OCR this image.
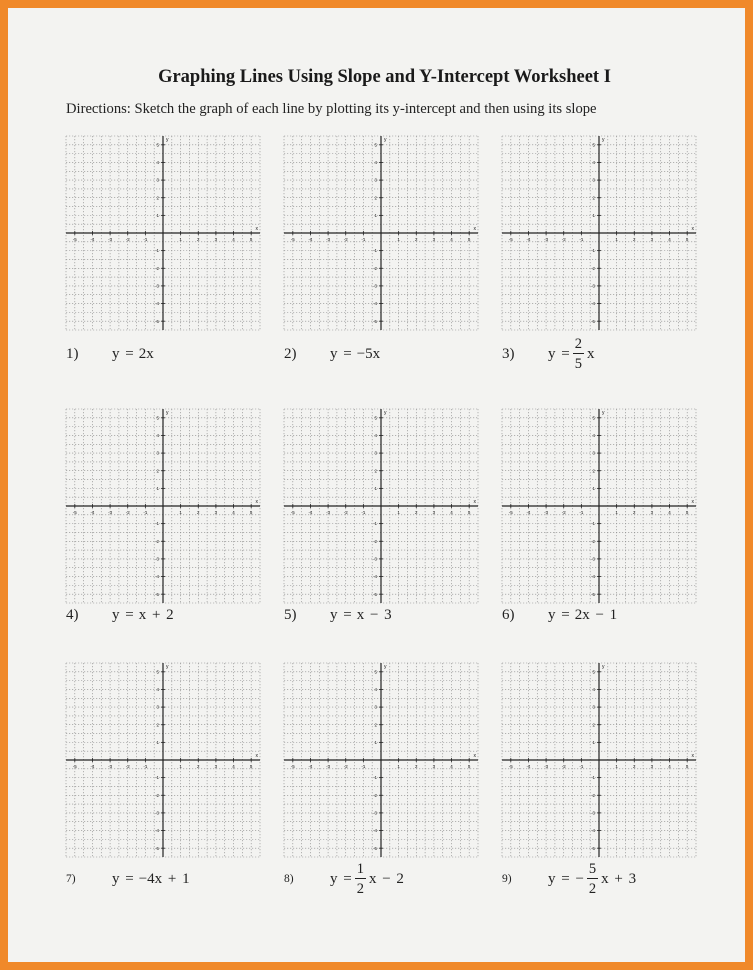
Graphing Lines Using Slope and Y-Intercept Worksheet I
Directions: Sketch the graph of each line by plotting its y-intercept and then using its slope
-5	-4	-3	-2	-1	1	2	3	4	5
5
4
3
2
1
-1
-2
-3
-4
-5
x
y
-5	-4	-3	-2	-1	1	2	3	4	5
5
4
3
2
1
-1
-2
-3
-4
-5
x
y
-5	-4	-3	-2	-1	1	2	3	4	5
5
4
3
2
1
-1
-2
-3
-4
-5
x
y
1)	y = 2x	2)	y = −5x	3)	$y = \frac{2}{5}$ x
-5	-4	-3	-2	-1	1	2	3	4	5
5
4
3
2
1
-1
-2
-3
-4
-5
x
y
-5	-4	-3	-2	-1	1	2	3	4	5
5
4
3
2
1
-1
-2
-3
-4
-5
x
y
-5	-4	-3	-2	-1	1	2	3	4	5
5
4
3
2
1
-1
-2
-3
-4
-5
x
y
4)	y = x + 2	5)	y = x − 3	6)	y = 2x − 1
-5	-4	-3	-2	-1	1	2	3	4	5
5
4
3
2
1
-1
-2
-3
-4
-5
x
y
-5	-4	-3	-2	-1	1	2	3	4	5
5
4
3
2
1
-1
-2
-3
-4
-5
x
y
-5	-4	-3	-2	-1	1	2	3	4	5
5
4
3
2
1
-1
-2
-3
-4
-5
x
y
7)	y = −4x + 1	8)	$y = \frac{1}{2}$ x − 2	9)	y = − $\frac{5}{2}$ x + 3
